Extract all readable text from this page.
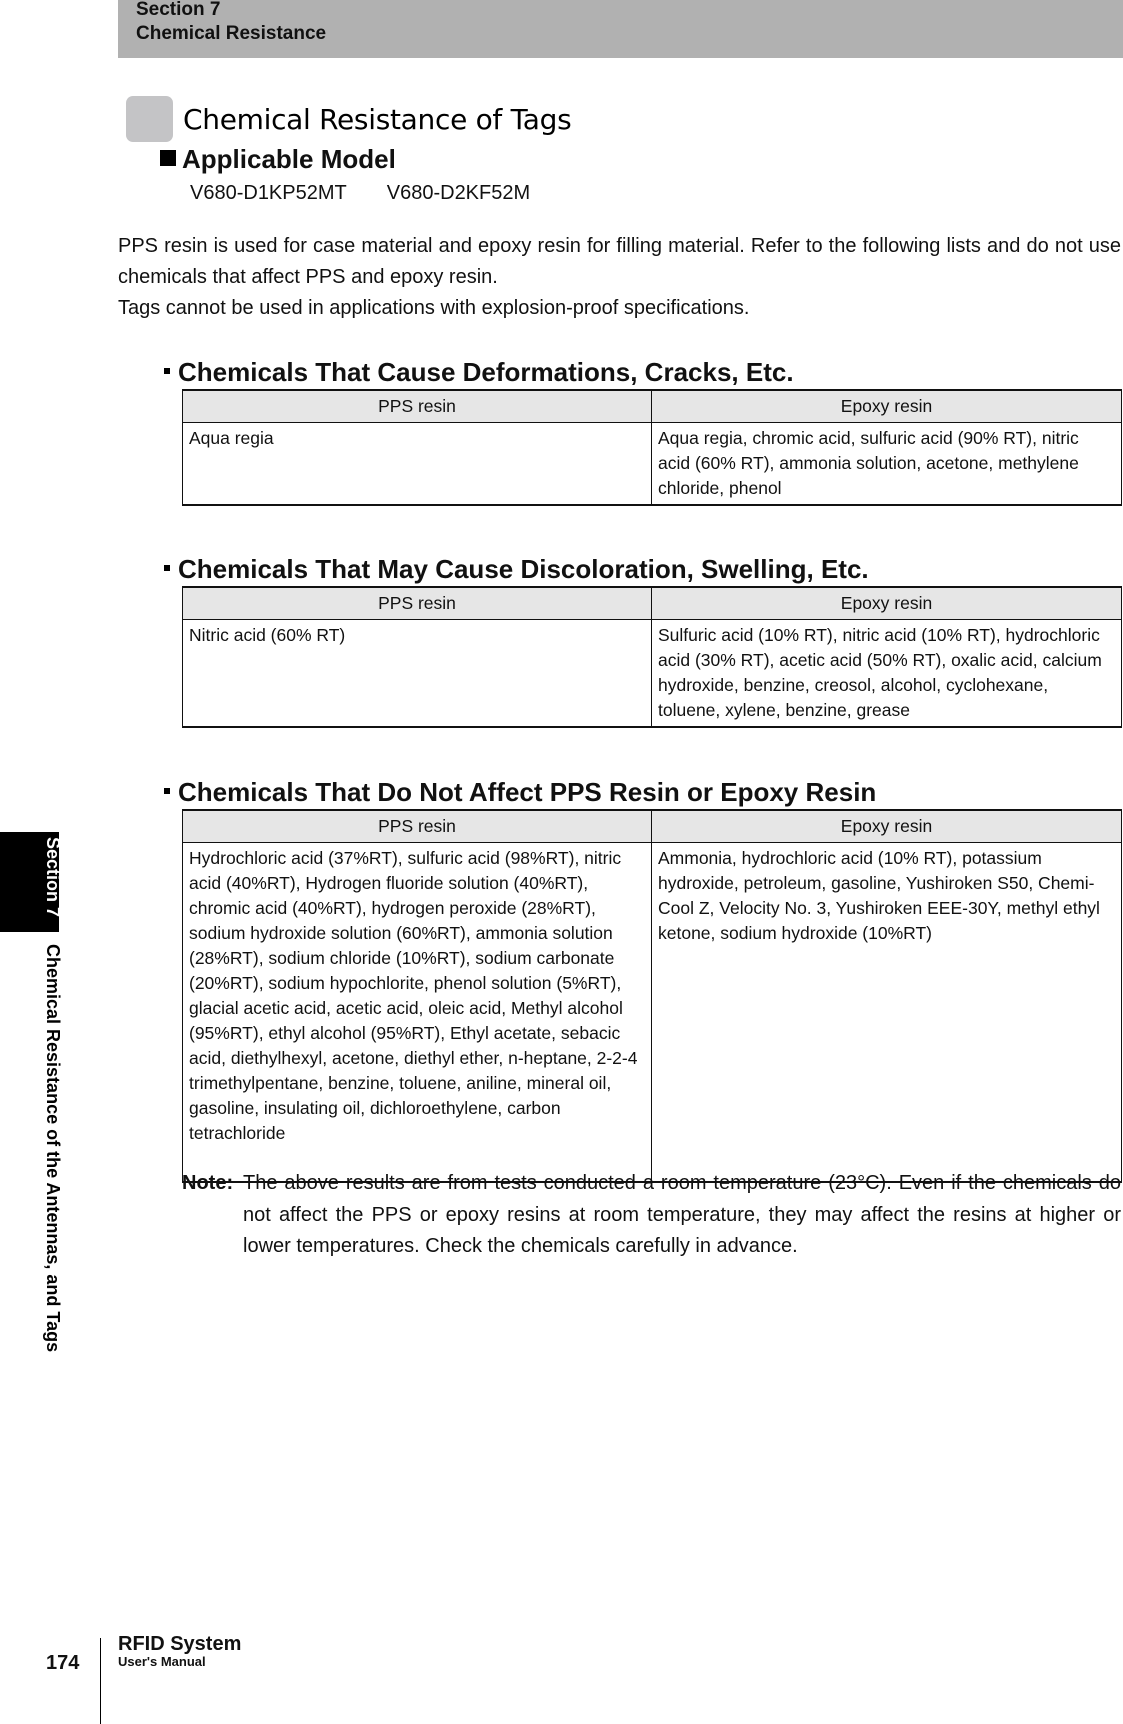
Section 7
Chemical Resistance
Section 7
Chemical Resistance of the Antennas, and Tags
Chemical Resistance of Tags
Applicable Model
V680-D1KP52MT V680-D2KF52M

PPS resin is used for case material and epoxy resin for filling material. Refer to the following lists and do not use chemicals that affect PPS and epoxy resin.

Tags cannot be used in applications with explosion-proof specifications.

Chemicals That Cause Deformations, Cracks, Etc.
PPS resin	Epoxy resin
Aqua regia	Aqua regia, chromic acid, sulfuric acid (90% RT), nitric acid (60% RT), ammonia solution, acetone, methylene chloride, phenol
Chemicals That May Cause Discoloration, Swelling, Etc.
PPS resin	Epoxy resin
Nitric acid (60% RT)	Sulfuric acid (10% RT), nitric acid (10% RT), hydrochloric acid (30% RT), acetic acid (50% RT), oxalic acid, calcium hydroxide, benzine, creosol, alcohol, cyclohexane, toluene, xylene, benzine, grease
Chemicals That Do Not Affect PPS Resin or Epoxy Resin
PPS resin	Epoxy resin
Hydrochloric acid (37%RT), sulfuric acid (98%RT), nitric acid (40%RT), Hydrogen fluoride solution (40%RT), chromic acid (40%RT), hydrogen peroxide (28%RT), sodium hydroxide solution (60%RT), ammonia solution (28%RT), sodium chloride (10%RT), sodium carbonate (20%RT), sodium hypochlorite, phenol solution (5%RT), glacial acetic acid, acetic acid, oleic acid, Methyl alcohol (95%RT), ethyl alcohol (95%RT), Ethyl acetate, sebacic acid, diethylhexyl, acetone, diethyl ether, n-heptane, 2-2-4 trimethylpentane, benzine, toluene, aniline, mineral oil, gasoline, insulating oil, dichloroethylene, carbon tetrachloride	Ammonia, hydrochloric acid (10% RT), potassium hydroxide, petroleum, gasoline, Yushiroken S50, Chemi-Cool Z, Velocity No. 3, Yushiroken EEE-30Y, methyl ethyl ketone, sodium hydroxide (10%RT)
Note: The above results are from tests conducted a room temperature (23°C). Even if the chemicals do not affect the PPS or epoxy resins at room temperature, they may affect the resins at higher or lower temperatures. Check the chemicals carefully in advance.
174
RFID System
User's Manual
